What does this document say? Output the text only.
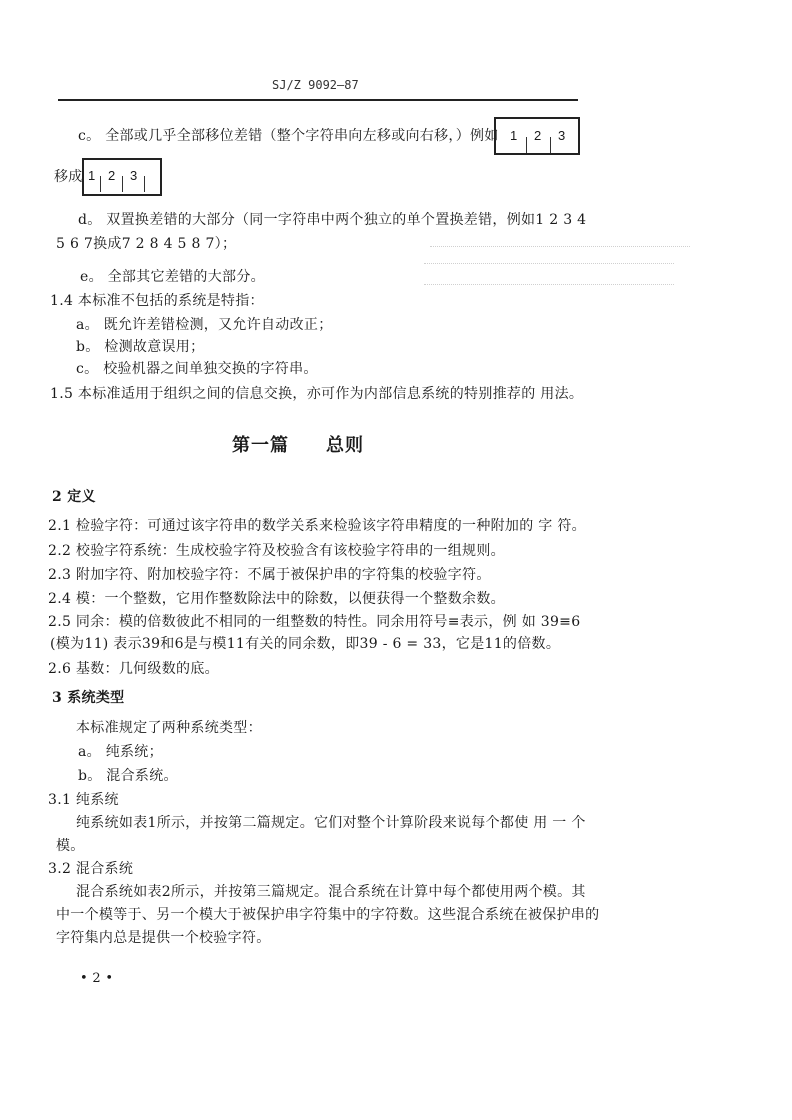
SJ/Z 9092—87
c。 全部或几乎全部移位差错（整个字符串向左移或向右移，）例如 1 2 3
移成 1 2 3
d。 双置换差错的大部分（同一字符串中两个独立的单个置换差错，例如1 2 3 4
5 6 7换成7 2 8 4 5 8 7）；
e。 全部其它差错的大部分。
1.4 本标准不包括的系统是特指：
a。 既允许差错检测，又允许自动改正；
b。 检测故意误用；
c。 校验机器之间单独交换的字符串。
1.5 本标准适用于组织之间的信息交换，亦可作为内部信息系统的特别推荐的 用法。
第一篇 总则
2 定义
2.1 检验字符：可通过该字符串的数学关系来检验该字符串精度的一种附加的 字 符。
2.2 校验字符系统：生成校验字符及校验含有该校验字符串的一组规则。
2.3 附加字符、附加校验字符：不属于被保护串的字符集的校验字符。
2.4 模：一个整数，它用作整数除法中的除数，以便获得一个整数余数。
2.5 同余：模的倍数彼此不相同的一组整数的特性。同余用符号≡表示，例 如 39≡6
(模为11) 表示39和6是与模11有关的同余数，即39 - 6 = 33，它是11的倍数。
2.6 基数：几何级数的底。
3 系统类型
本标准规定了两种系统类型：
a。 纯系统；
b。 混合系统。
3.1 纯系统
纯系统如表1所示，并按第二篇规定。它们对整个计算阶段来说每个都使 用 一 个
模。
3.2 混合系统
混合系统如表2所示，并按第三篇规定。混合系统在计算中每个都使用两个模。其
中一个模等于、另一个模大于被保护串字符集中的字符数。这些混合系统在被保护串的
字符集内总是提供一个校验字符。
• 2 •
